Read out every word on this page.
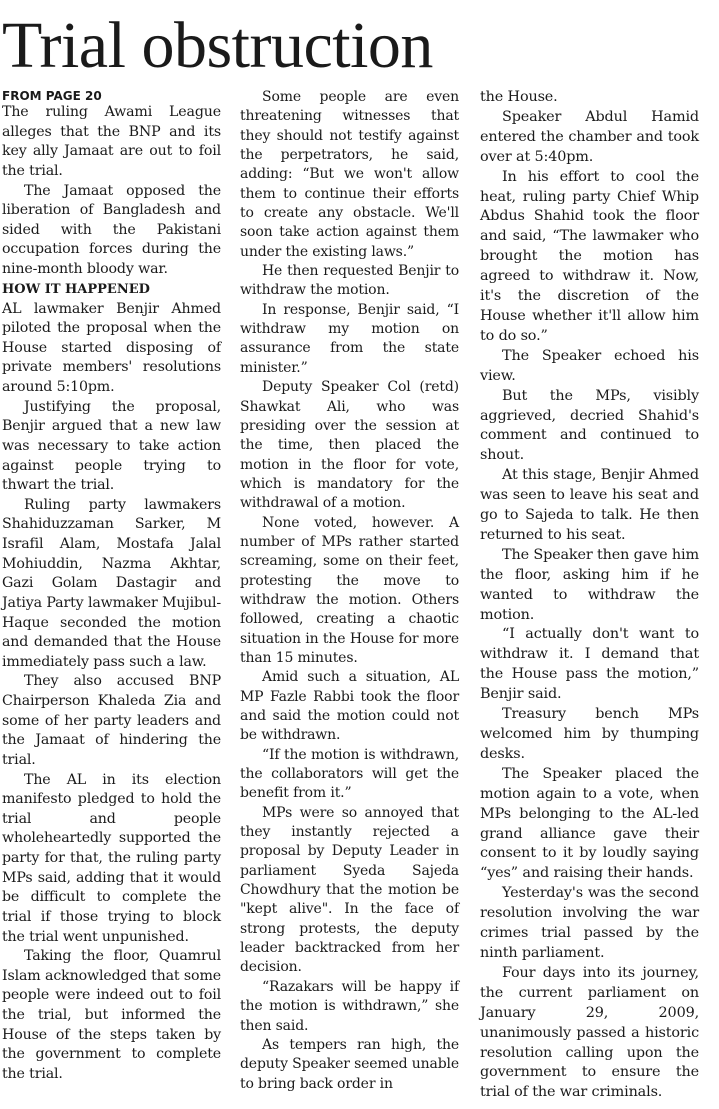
Trial obstruction
FROM PAGE 20

The ruling Awami League alleges that the BNP and its key ally Jamaat are out to foil the trial.

The Jamaat opposed the liberation of Bangladesh and sided with the Pakistani occupation forces during the nine-month bloody war.

HOW IT HAPPENED

AL lawmaker Benjir Ahmed piloted the proposal when the House started disposing of private members' resolutions around 5:10pm.

Justifying the proposal, Benjir argued that a new law was necessary to take action against people trying to thwart the trial.

Ruling party lawmakers Shahiduzzaman Sarker, M Israfil Alam, Mostafa Jalal Mohiuddin, Nazma Akhtar, Gazi Golam Dastagir and Jatiya Party lawmaker Mujibul-Haque seconded the motion and demanded that the House immediately pass such a law.

They also accused BNP Chairperson Khaleda Zia and some of her party leaders and the Jamaat of hindering the trial.

The AL in its election manifesto pledged to hold the trial and people wholeheartedly supported the party for that, the ruling party MPs said, adding that it would be difficult to complete the trial if those trying to block the trial went unpunished.

Taking the floor, Quamrul Islam acknowledged that some people were indeed out to foil the trial, but informed the House of the steps taken by the government to complete the trial.

Some people are even threatening witnesses that they should not testify against the perpetrators, he said, adding: “But we won't allow them to continue their efforts to create any obstacle. We'll soon take action against them under the existing laws.”

He then requested Benjir to withdraw the motion.

In response, Benjir said, “I withdraw my motion on assurance from the state minister.”

Deputy Speaker Col (retd) Shawkat Ali, who was presiding over the session at the time, then placed the motion in the floor for vote, which is mandatory for the withdrawal of a motion.

None voted, however. A number of MPs rather started screaming, some on their feet, protesting the move to withdraw the motion. Others followed, creating a chaotic situation in the House for more than 15 minutes.

Amid such a situation, AL MP Fazle Rabbi took the floor and said the motion could not be withdrawn.

“If the motion is withdrawn, the collaborators will get the benefit from it.”

MPs were so annoyed that they instantly rejected a proposal by Deputy Leader in parliament Syeda Sajeda Chowdhury that the motion be "kept alive". In the face of strong protests, the deputy leader backtracked from her decision.

“Razakars will be happy if the motion is withdrawn,” she then said.

As tempers ran high, the deputy Speaker seemed unable to bring back order in

the House.

Speaker Abdul Hamid entered the chamber and took over at 5:40pm.

In his effort to cool the heat, ruling party Chief Whip Abdus Shahid took the floor and said, “The lawmaker who brought the motion has agreed to withdraw it. Now, it's the discretion of the House whether it'll allow him to do so.”

The Speaker echoed his view.

But the MPs, visibly aggrieved, decried Shahid's comment and continued to shout.

At this stage, Benjir Ahmed was seen to leave his seat and go to Sajeda to talk. He then returned to his seat.

The Speaker then gave him the floor, asking him if he wanted to withdraw the motion.

“I actually don't want to withdraw it. I demand that the House pass the motion,” Benjir said.

Treasury bench MPs welcomed him by thumping desks.

The Speaker placed the motion again to a vote, when MPs belonging to the AL-led grand alliance gave their consent to it by loudly saying “yes” and raising their hands.

Yesterday's was the second resolution involving the war crimes trial passed by the ninth parliament.

Four days into its journey, the current parliament on January 29, 2009, unanimously passed a historic resolution calling upon the government to ensure the trial of the war criminals.
